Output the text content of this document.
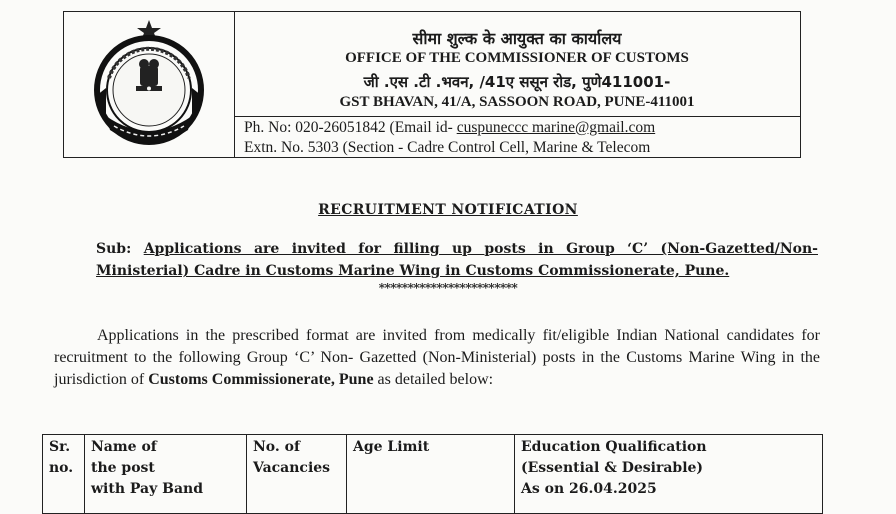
सीमा शुल्क के आयुक्त का कार्यालय
OFFICE OF THE COMMISSIONER OF CUSTOMS
जी .एस .टी .भवन, /41ए ससून रोड, पुणे411001-
GST BHAVAN, 41/A, SASSOON ROAD, PUNE-411001
Ph. No: 020-26051842 (Email id- cuspuneccc marine@gmail.com
Extn. No. 5303 (Section - Cadre Control Cell, Marine & Telecom
RECRUITMENT NOTIFICATION
Sub: Applications are invited for filling up posts in Group ‘C’ (Non-Gazetted/Non-Ministerial) Cadre in Customs Marine Wing in Customs Commissionerate, Pune.
************************
Applications in the prescribed format are invited from medically fit/eligible Indian National candidates for recruitment to the following Group ‘C’ Non- Gazetted (Non-Ministerial) posts in the Customs Marine Wing in the jurisdiction of Customs Commissionerate, Pune as detailed below:
Sr.
no.

Name of
the post
with Pay Band

No. of
Vacancies

Age Limit	Education Qualification
(Essential & Desirable)
As on 26.04.2025
